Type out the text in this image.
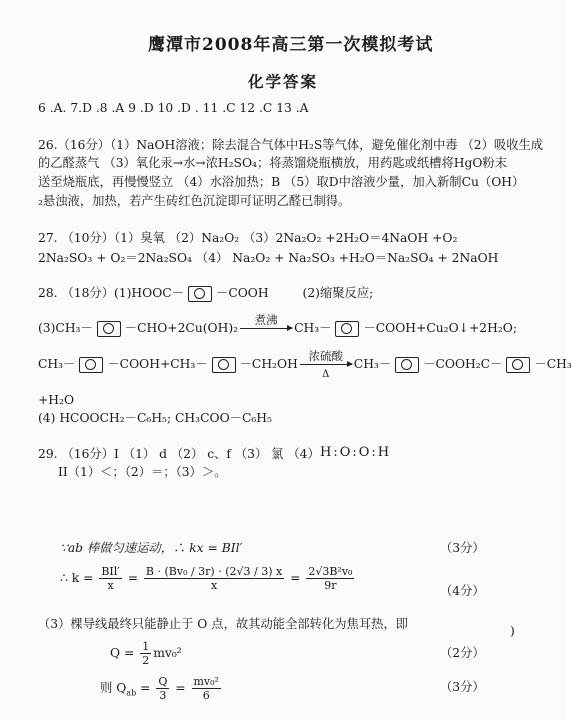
鹰潭市2008年高三第一次模拟考试
化学答案
6 .A. 7.D .8 .A 9 .D 10 .D . 11 .C 12 .C 13 .A
26.（16分）（1）NaOH溶液；除去混合气体中H₂S等气体，避免催化剂中毒 （2）吸收生成
的乙醛蒸气 （3）氧化汞→水→浓H₂SO₄；将蒸馏烧瓶横放，用药匙或纸槽将HgO粉末
送至烧瓶底，再慢慢竖立 （4）水浴加热；B （5）取D中溶液少量，加入新制Cu（OH）
₂悬浊液，加热，若产生砖红色沉淀即可证明乙醛已制得。
27. （10分）（1）臭氧 （2）Na₂O₂ （3）2Na₂O₂ +2H₂O＝4NaOH +O₂
2Na₂SO₃ + O₂＝2Na₂SO₄ （4） Na₂O₂ + Na₂SO₃ +H₂O＝Na₂SO₄ + 2NaOH
28. （18分）(1)HOOC－	－COOH	(2)缩聚反应;
(3)CH₃－	－CHO+2Cu(OH)₂
煮沸
CH₃－	－COOH+Cu₂O↓+2H₂O;
CH₃－	－COOH+CH₃－	－CH₂OH
浓硫酸
Δ
CH₃－	－COOH₂C－	－CH₃
+H₂O
(4) HCOOCH₂－C₆H₅; CH₃COO－C₆H₅
29. （16分）I （1） d （2） c、f （3） 氯 （4） H:O:O:H
II（1）＜；（2）＝；（3）＞。
∵ab 棒做匀速运动，∴ kx = BIl′	（3分）
∴ $k = \frac{\text{BIl′}}{x} = \frac{\text{B · (Bv₀ / 3r) · (2√3 / 3) x}}{x} = \frac{\text{2√3B²v₀}}{9r}$	（4分）
（3）棵导线最终只能静止于 O 点，故其动能全部转化为焦耳热，即	)
$Q = \frac{1}{2} mv_0^2$	（2分）
则 $Q_{ab} = \frac{Q}{3} = \frac{\text{mv₀²}}{6}$	（3分）
